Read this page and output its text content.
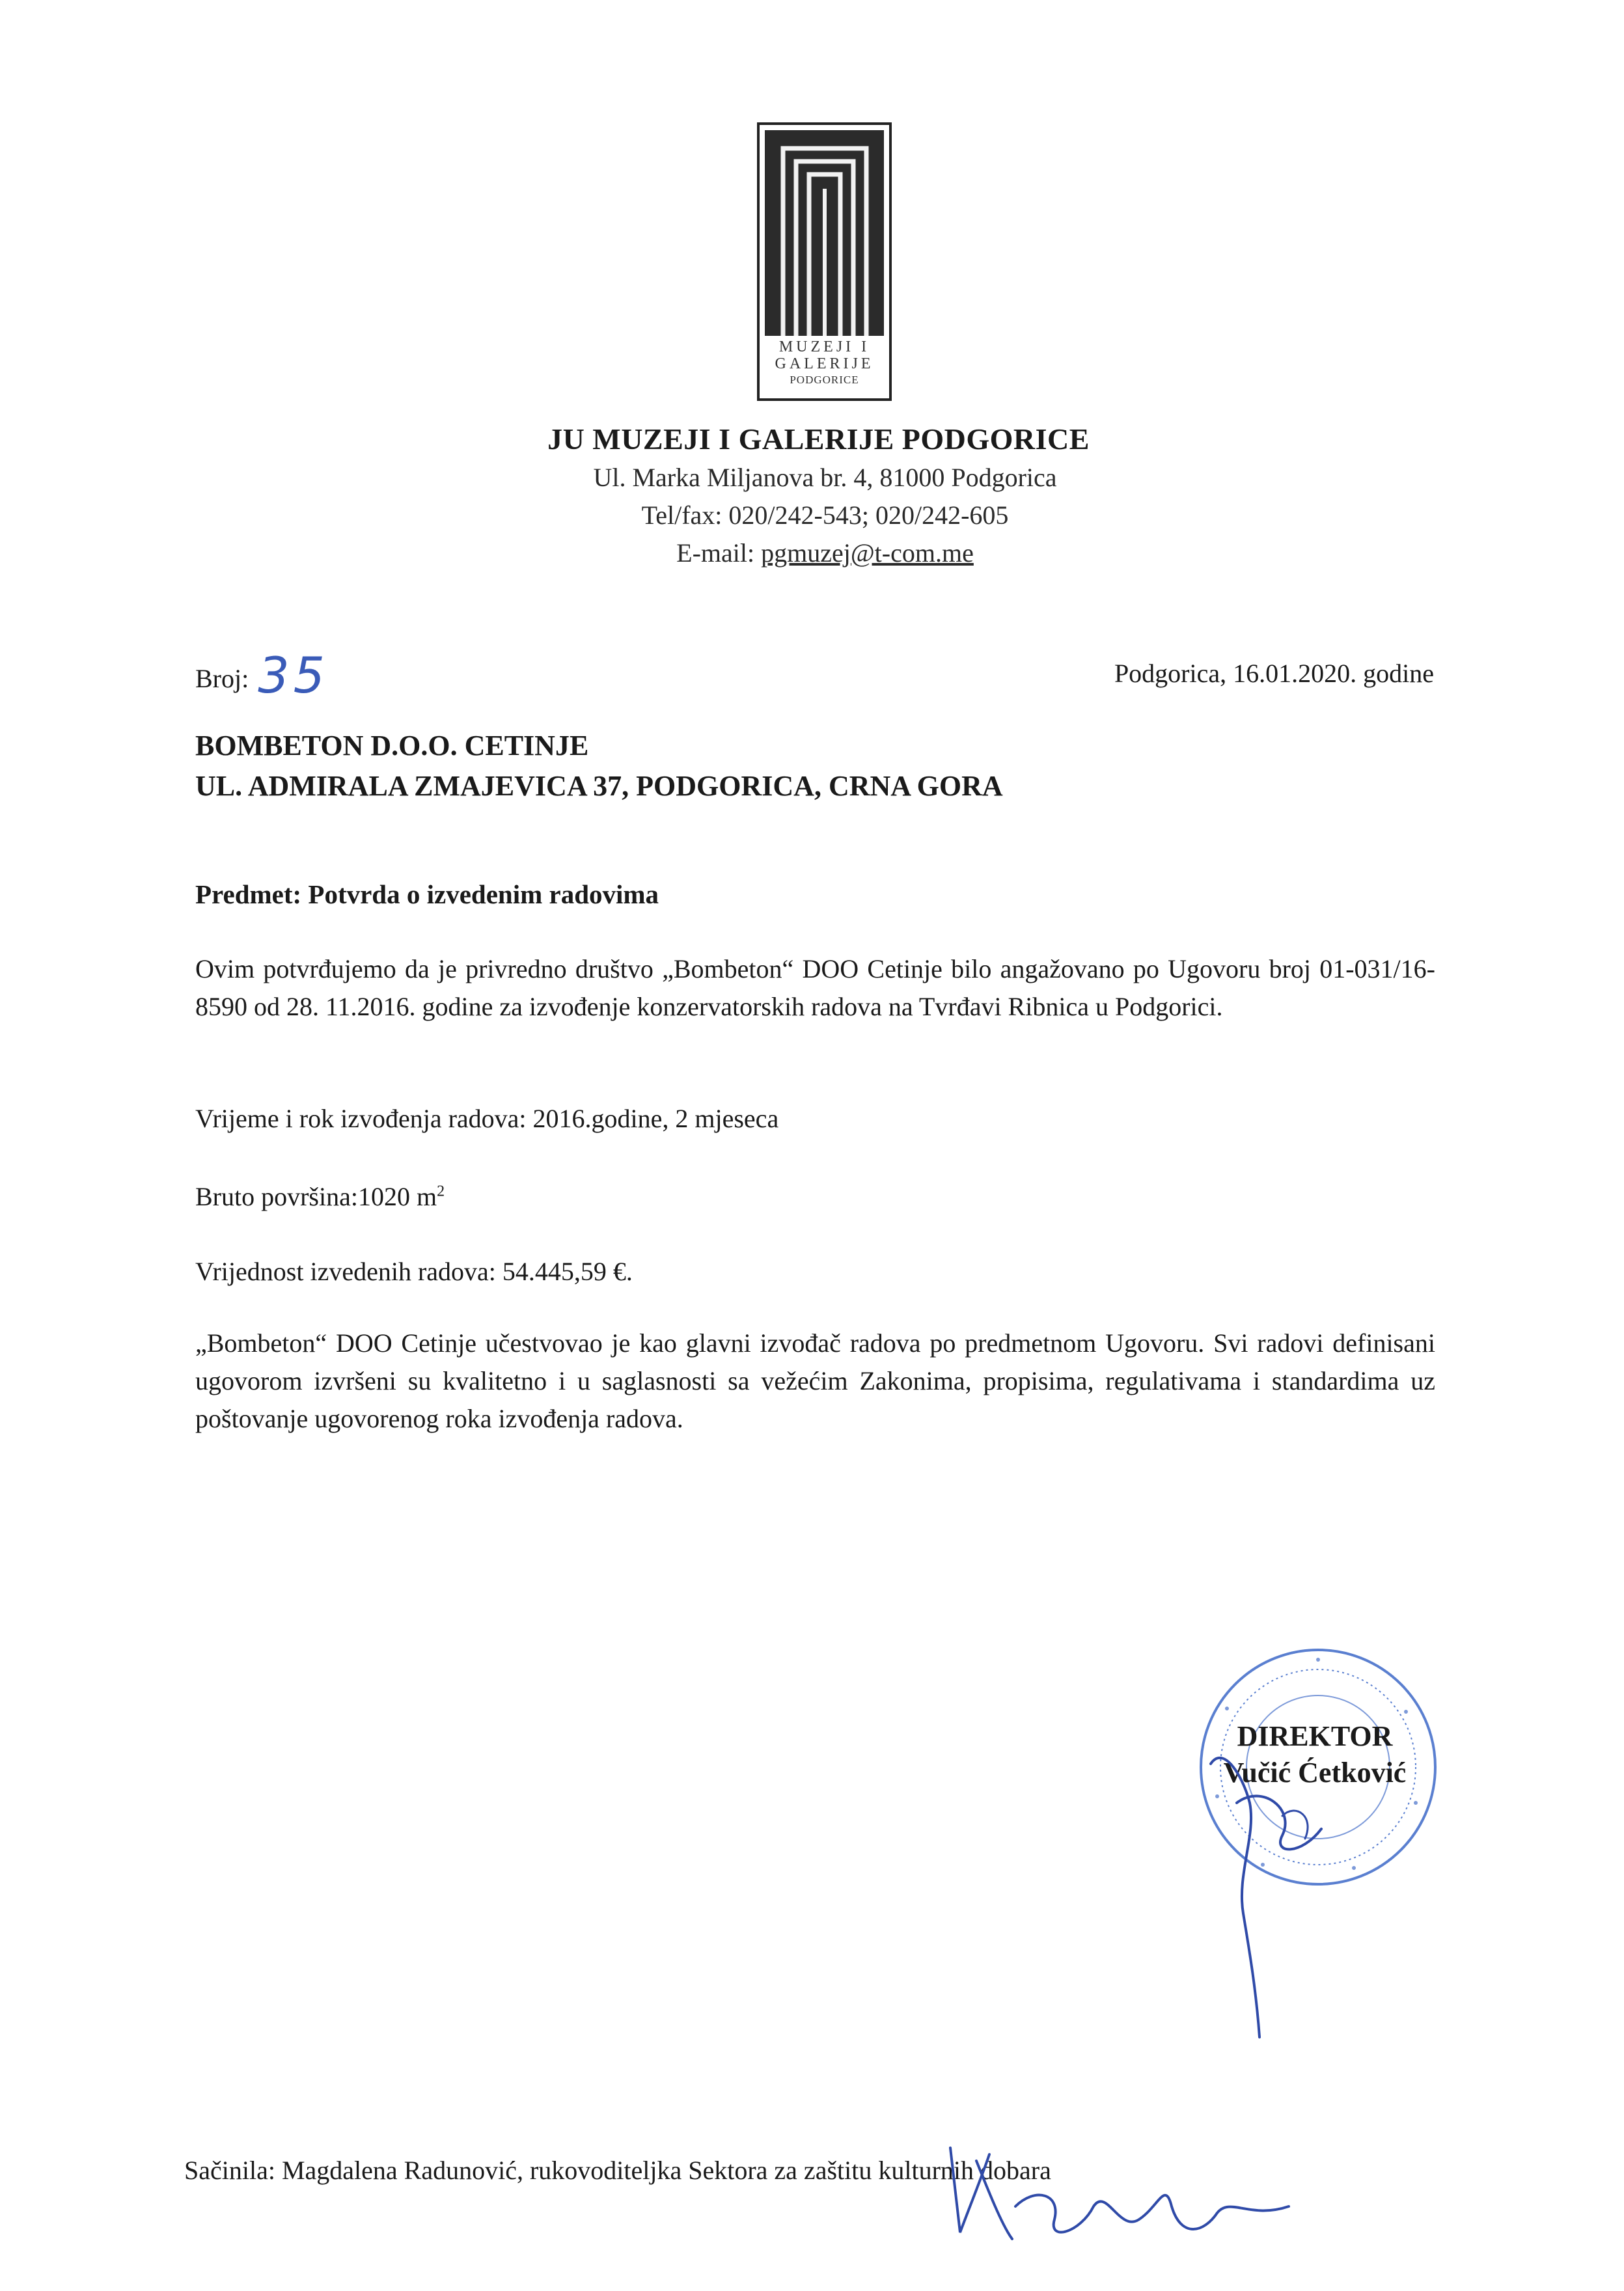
MUZEJI I
GALERIJE
PODGORICE
JU MUZEJI I GALERIJE PODGORICE
Ul. Marka Miljanova br. 4, 81000 Podgorica
Tel/fax: 020/242-543; 020/242-605
E-mail: pgmuzej@t-com.me
Broj: 35	Podgorica, 16.01.2020. godine
BOMBETON D.O.O. CETINJE
UL. ADMIRALA ZMAJEVICA 37, PODGORICA, CRNA GORA
Predmet: Potvrda o izvedenim radovima
Ovim potvrđujemo da je privredno društvo „Bombeton“ DOO Cetinje bilo angažovano po Ugovoru broj 01-031/16-8590 od 28. 11.2016. godine za izvođenje konzervatorskih radova na Tvrđavi Ribnica u Podgorici.
Vrijeme i rok izvođenja radova: 2016.godine, 2 mjeseca
Bruto površina:1020 $m^2$
Vrijednost izvedenih radova: 54.445,59 €.
„Bombeton“ DOO Cetinje učestvovao je kao glavni izvođač radova po predmetnom Ugovoru. Svi radovi definisani ugovorom izvršeni su kvalitetno i u saglasnosti sa vežećim Zakonima, propisima, regulativama i standardima uz poštovanje ugovorenog roka izvođenja radova.
DIREKTOR
Vučić Ćetković
Sačinila: Magdalena Radunović, rukovoditeljka Sektora za zaštitu kulturnih dobara
